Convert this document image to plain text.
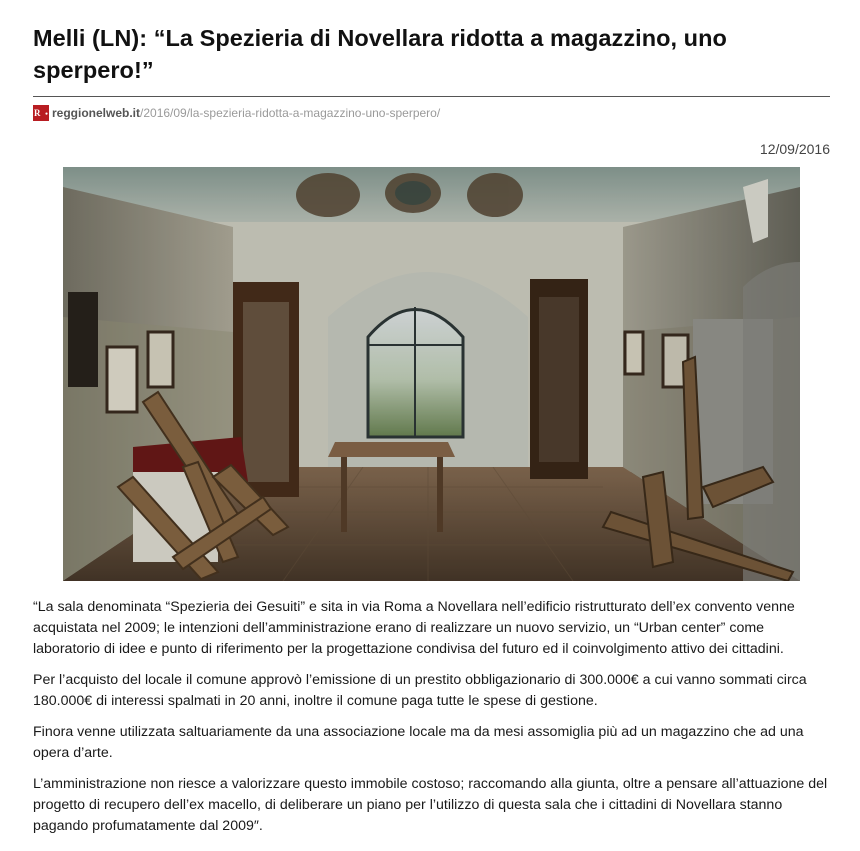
Melli (LN): “La Spezieria di Novellara ridotta a magazzino, uno sperpero!”
R ● reggionelweb.it /2016/09/la-spezieria-ridotta-a-magazzino-uno-sperpero/
12/09/2016

“La sala denominata “Spezieria dei Gesuiti” e sita in via Roma a Novellara nell’edificio ristrutturato dell’ex convento venne acquistata nel 2009; le intenzioni dell’amministrazione erano di realizzare un nuovo servizio, un “Urban center” come laboratorio di idee e punto di riferimento per la progettazione condivisa del futuro ed il coinvolgimento attivo dei cittadini.

Per l’acquisto del locale il comune approvò l’emissione di un prestito obbligazionario di 300.000€ a cui vanno sommati circa 180.000€ di interessi spalmati in 20 anni, inoltre il comune paga tutte le spese di gestione.

Finora venne utilizzata saltuariamente da una associazione locale ma da mesi assomiglia più ad un magazzino che ad una opera d’arte.

L’amministrazione non riesce a valorizzare questo immobile costoso; raccomando alla giunta, oltre a pensare all’attuazione del progetto di recupero dell’ex macello, di deliberare un piano per l’utilizzo di questa sala che i cittadini di Novellara stanno pagando profumatamente dal 2009″.
